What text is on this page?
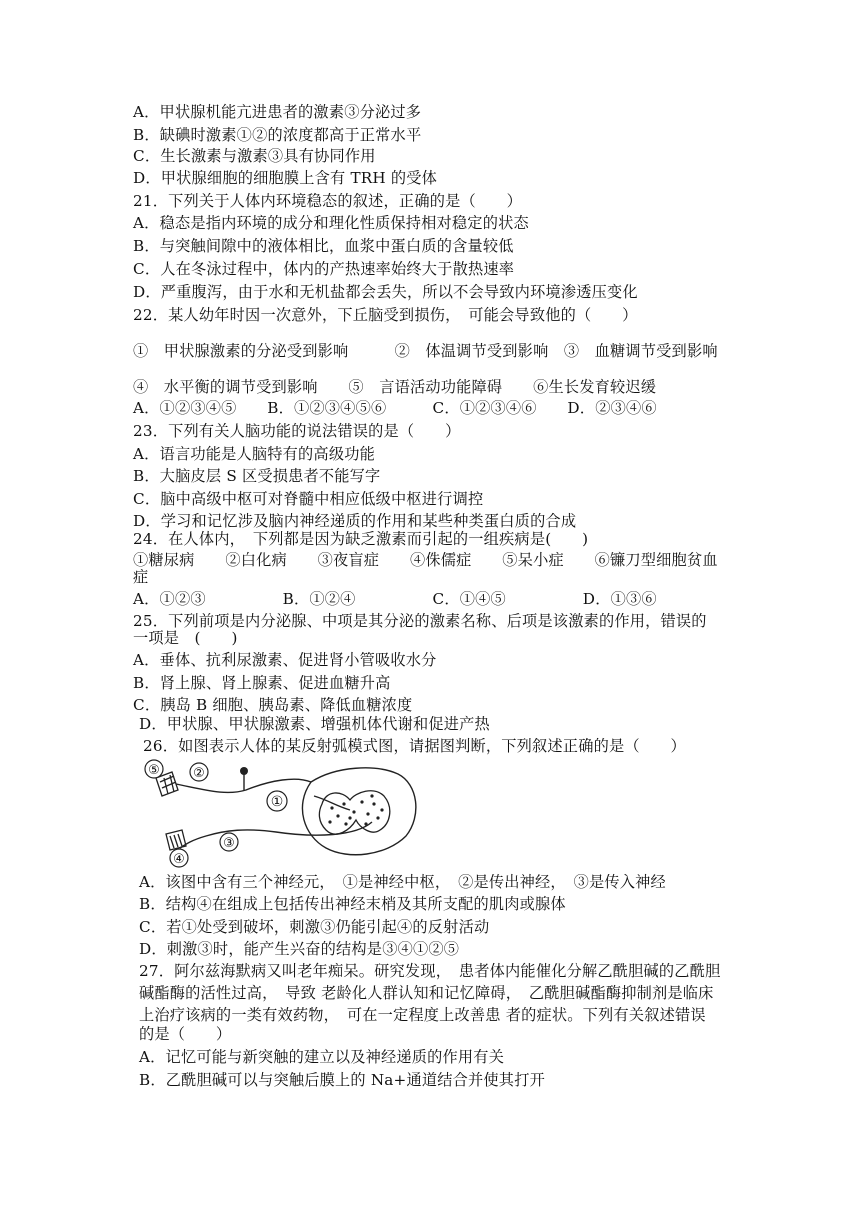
A．甲状腺机能亢进患者的激素③分泌过多
B．缺碘时激素①②的浓度都高于正常水平
C．生长激素与激素③具有协同作用
D．甲状腺细胞的细胞膜上含有 TRH 的受体
21．下列关于人体内环境稳态的叙述，正确的是（　　）
A．稳态是指内环境的成分和理化性质保持相对稳定的状态
B．与突触间隙中的液体相比，血浆中蛋白质的含量较低
C．人在冬泳过程中，体内的产热速率始终大于散热速率
D．严重腹泻，由于水和无机盐都会丢失，所以不会导致内环境渗透压变化
22．某人幼年时因一次意外，下丘脑受到损伤，　可能会导致他的（　　）
①　甲状腺激素的分泌受到影响　　　②　体温调节受到影响　③　血糖调节受到影响
④　水平衡的调节受到影响　　⑤　言语活动功能障碍　　⑥生长发育较迟缓
A．①②③④⑤　　B．①②③④⑤⑥　　　C．①②③④⑥　　D．②③④⑥
23．下列有关人脑功能的说法错误的是（　　）
A．语言功能是人脑特有的高级功能
B．大脑皮层 S 区受损患者不能写字
C．脑中高级中枢可对脊髓中相应低级中枢进行调控
D．学习和记忆涉及脑内神经递质的作用和某些种类蛋白质的合成
24．在人体内，　下列都是因为缺乏激素而引起的一组疾病是(　　)
①糖尿病　　②白化病　　③夜盲症　　④侏儒症　　⑤呆小症　　⑥镰刀型细胞贫血
症
A．①②③　　　　　B．①②④　　　　　C．①④⑤　　　　　D．①③⑥
25．下列前项是内分泌腺、中项是其分泌的激素名称、后项是该激素的作用，错误的
一项是　(　　)
A．垂体、抗利尿激素、促进肾小管吸收水分
B．肾上腺、肾上腺素、促进血糖升高
C．胰岛 B 细胞、胰岛素、降低血糖浓度
D．甲状腺、甲状腺激素、增强机体代谢和促进产热
26．如图表示人体的某反射弧模式图，请据图判断，下列叙述正确的是（　　）
⑤	②
①
③
④
A．该图中含有三个神经元，　①是神经中枢，　②是传出神经，　③是传入神经
B．结构④在组成上包括传出神经末梢及其所支配的肌肉或腺体
C．若①处受到破坏，刺激③仍能引起④的反射活动
D．刺激③时，能产生兴奋的结构是③④①②⑤
27．阿尔兹海默病又叫老年痴呆。研究发现，　患者体内能催化分解乙酰胆碱的乙酰胆
碱酯酶的活性过高，　导致 老龄化人群认知和记忆障碍，　乙酰胆碱酯酶抑制剂是临床
上治疗该病的一类有效药物，　可在一定程度上改善患 者的症状。下列有关叙述错误
的是（　　）
A．记忆可能与新突触的建立以及神经递质的作用有关
B．乙酰胆碱可以与突触后膜上的 Na+通道结合并使其打开
